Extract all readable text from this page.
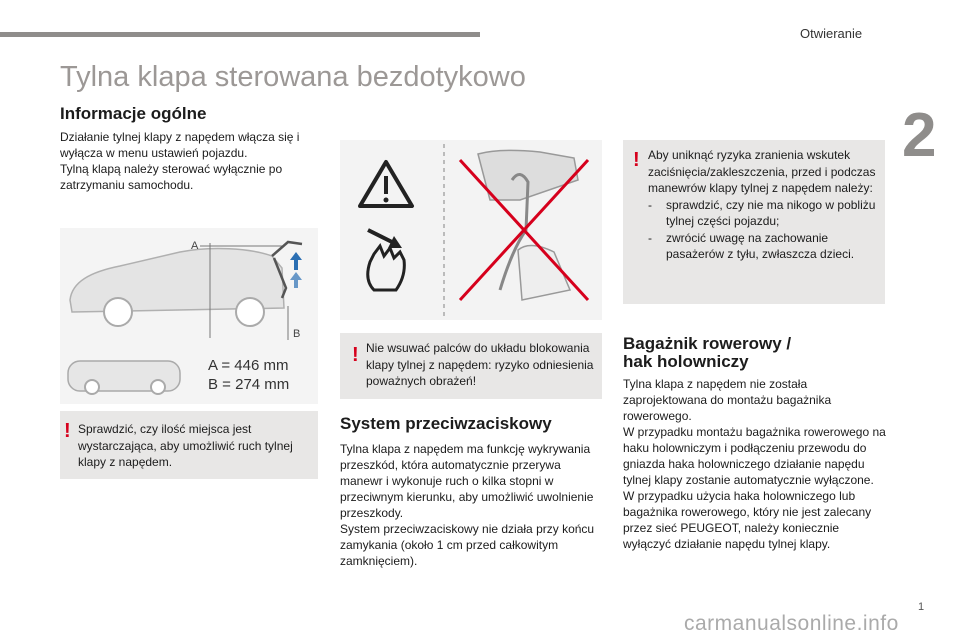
Otwieranie
2
Tylna klapa sterowana bezdotykowo
Informacje ogólne

Działanie tylnej klapy z napędem włącza się i wyłącza w menu ustawień pojazdu.

Tylną klapą należy sterować wyłącznie po zatrzymaniu samochodu.

A
B
A = 446 mm
B = 274 mm
! Sprawdzić, czy ilość miejsca jest wystarczająca, aby umożliwić ruch tylnej klapy z napędem.
! Nie wsuwać palców do układu blokowania klapy tylnej z napędem: ryzyko odniesienia poważnych obrażeń!
System przeciwzaciskowy

Tylna klapa z napędem ma funkcję wykrywania przeszkód, która automatycznie przerywa manewr i wykonuje ruch o kilka stopni w przeciwnym kierunku, aby umożliwić uwolnienie przeszkody.

System przeciwzaciskowy nie działa przy końcu zamykania (około 1 cm przed całkowitym zamknięciem).

! Aby uniknąć ryzyka zranienia wskutek zaciśnięcia/zakleszczenia, przed i podczas manewrów klapy tylnej z napędem należy:
-	sprawdzić, czy nie ma nikogo w pobliżu tylnej części pojazdu;
-	zwrócić uwagę na zachowanie pasażerów z tyłu, zwłaszcza dzieci.
Bagażnik rowerowy /
hak holowniczy

Tylna klapa z napędem nie została zaprojektowana do montażu bagażnika rowerowego.

W przypadku montażu bagażnika rowerowego na haku holowniczym i podłączeniu przewodu do gniazda haka holowniczego działanie napędu tylnej klapy zostanie automatycznie wyłączone.

W przypadku użycia haka holowniczego lub bagażnika rowerowego, który nie jest zalecany przez sieć PEUGEOT, należy koniecznie wyłączyć działanie napędu tylnej klapy.

1
carmanualsonline.info
